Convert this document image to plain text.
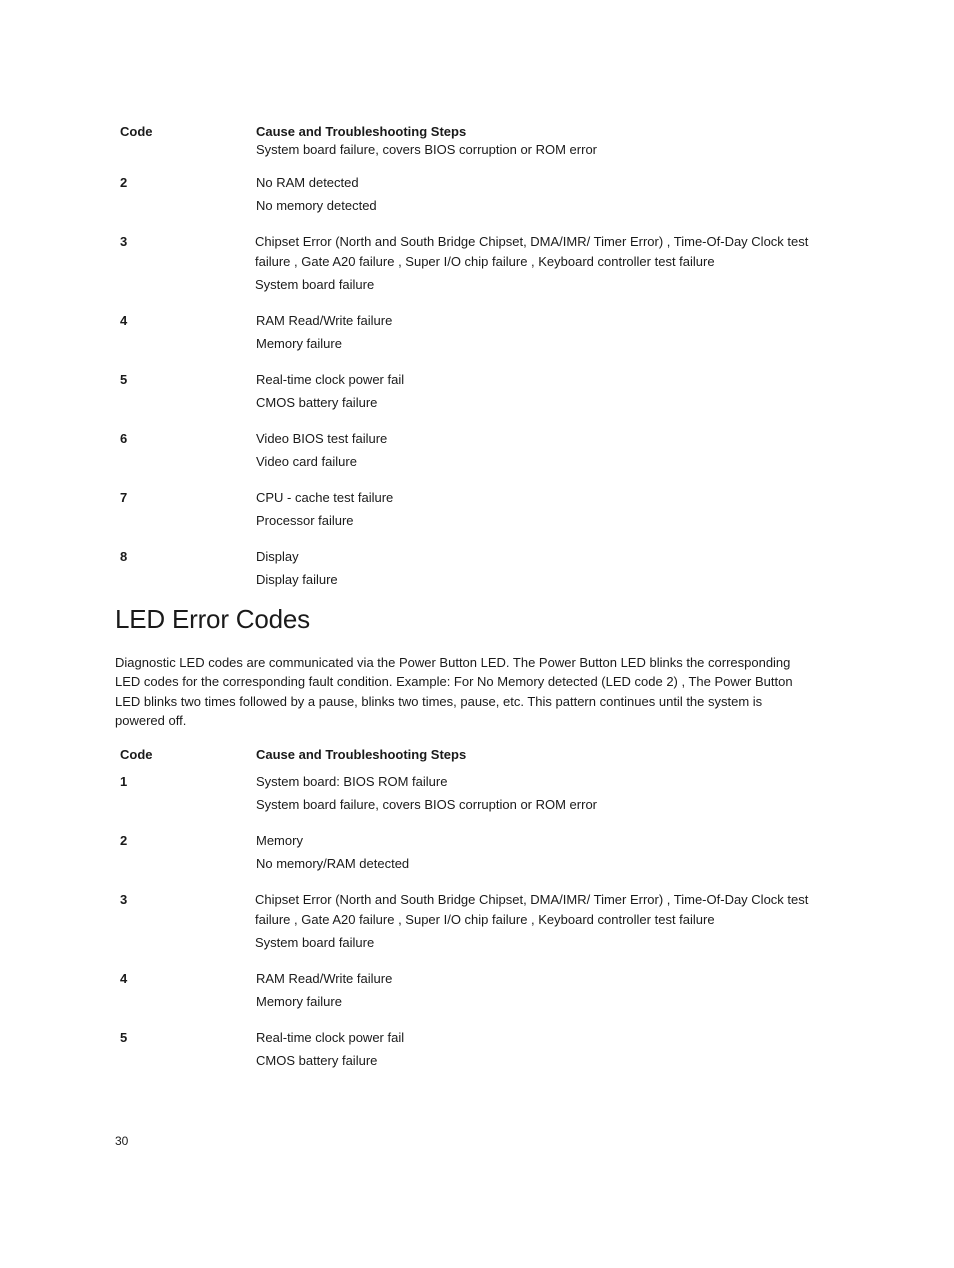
Code	Cause and Troubleshooting Steps
System board failure, covers BIOS corruption or ROM error
2	No RAM detected
No memory detected
3	Chipset Error (North and South Bridge Chipset, DMA/IMR/ Timer Error) , Time-Of-Day Clock test failure , Gate A20 failure , Super I/O chip failure , Keyboard controller test failure
System board failure
4	RAM Read/Write failure
Memory failure
5	Real-time clock power fail
CMOS battery failure
6	Video BIOS test failure
Video card failure
7	CPU - cache test failure
Processor failure
8	Display
Display failure
LED Error Codes

Diagnostic LED codes are communicated via the Power Button LED. The Power Button LED blinks the corresponding LED codes for the corresponding fault condition. Example: For No Memory detected (LED code 2) , The Power Button LED blinks two times followed by a pause, blinks two times, pause, etc. This pattern continues until the system is powered off.

Code	Cause and Troubleshooting Steps
1	System board: BIOS ROM failure
System board failure, covers BIOS corruption or ROM error
2	Memory
No memory/RAM detected
3	Chipset Error (North and South Bridge Chipset, DMA/IMR/ Timer Error) , Time-Of-Day Clock test failure , Gate A20 failure , Super I/O chip failure , Keyboard controller test failure
System board failure
4	RAM Read/Write failure
Memory failure
5	Real-time clock power fail
CMOS battery failure
30
